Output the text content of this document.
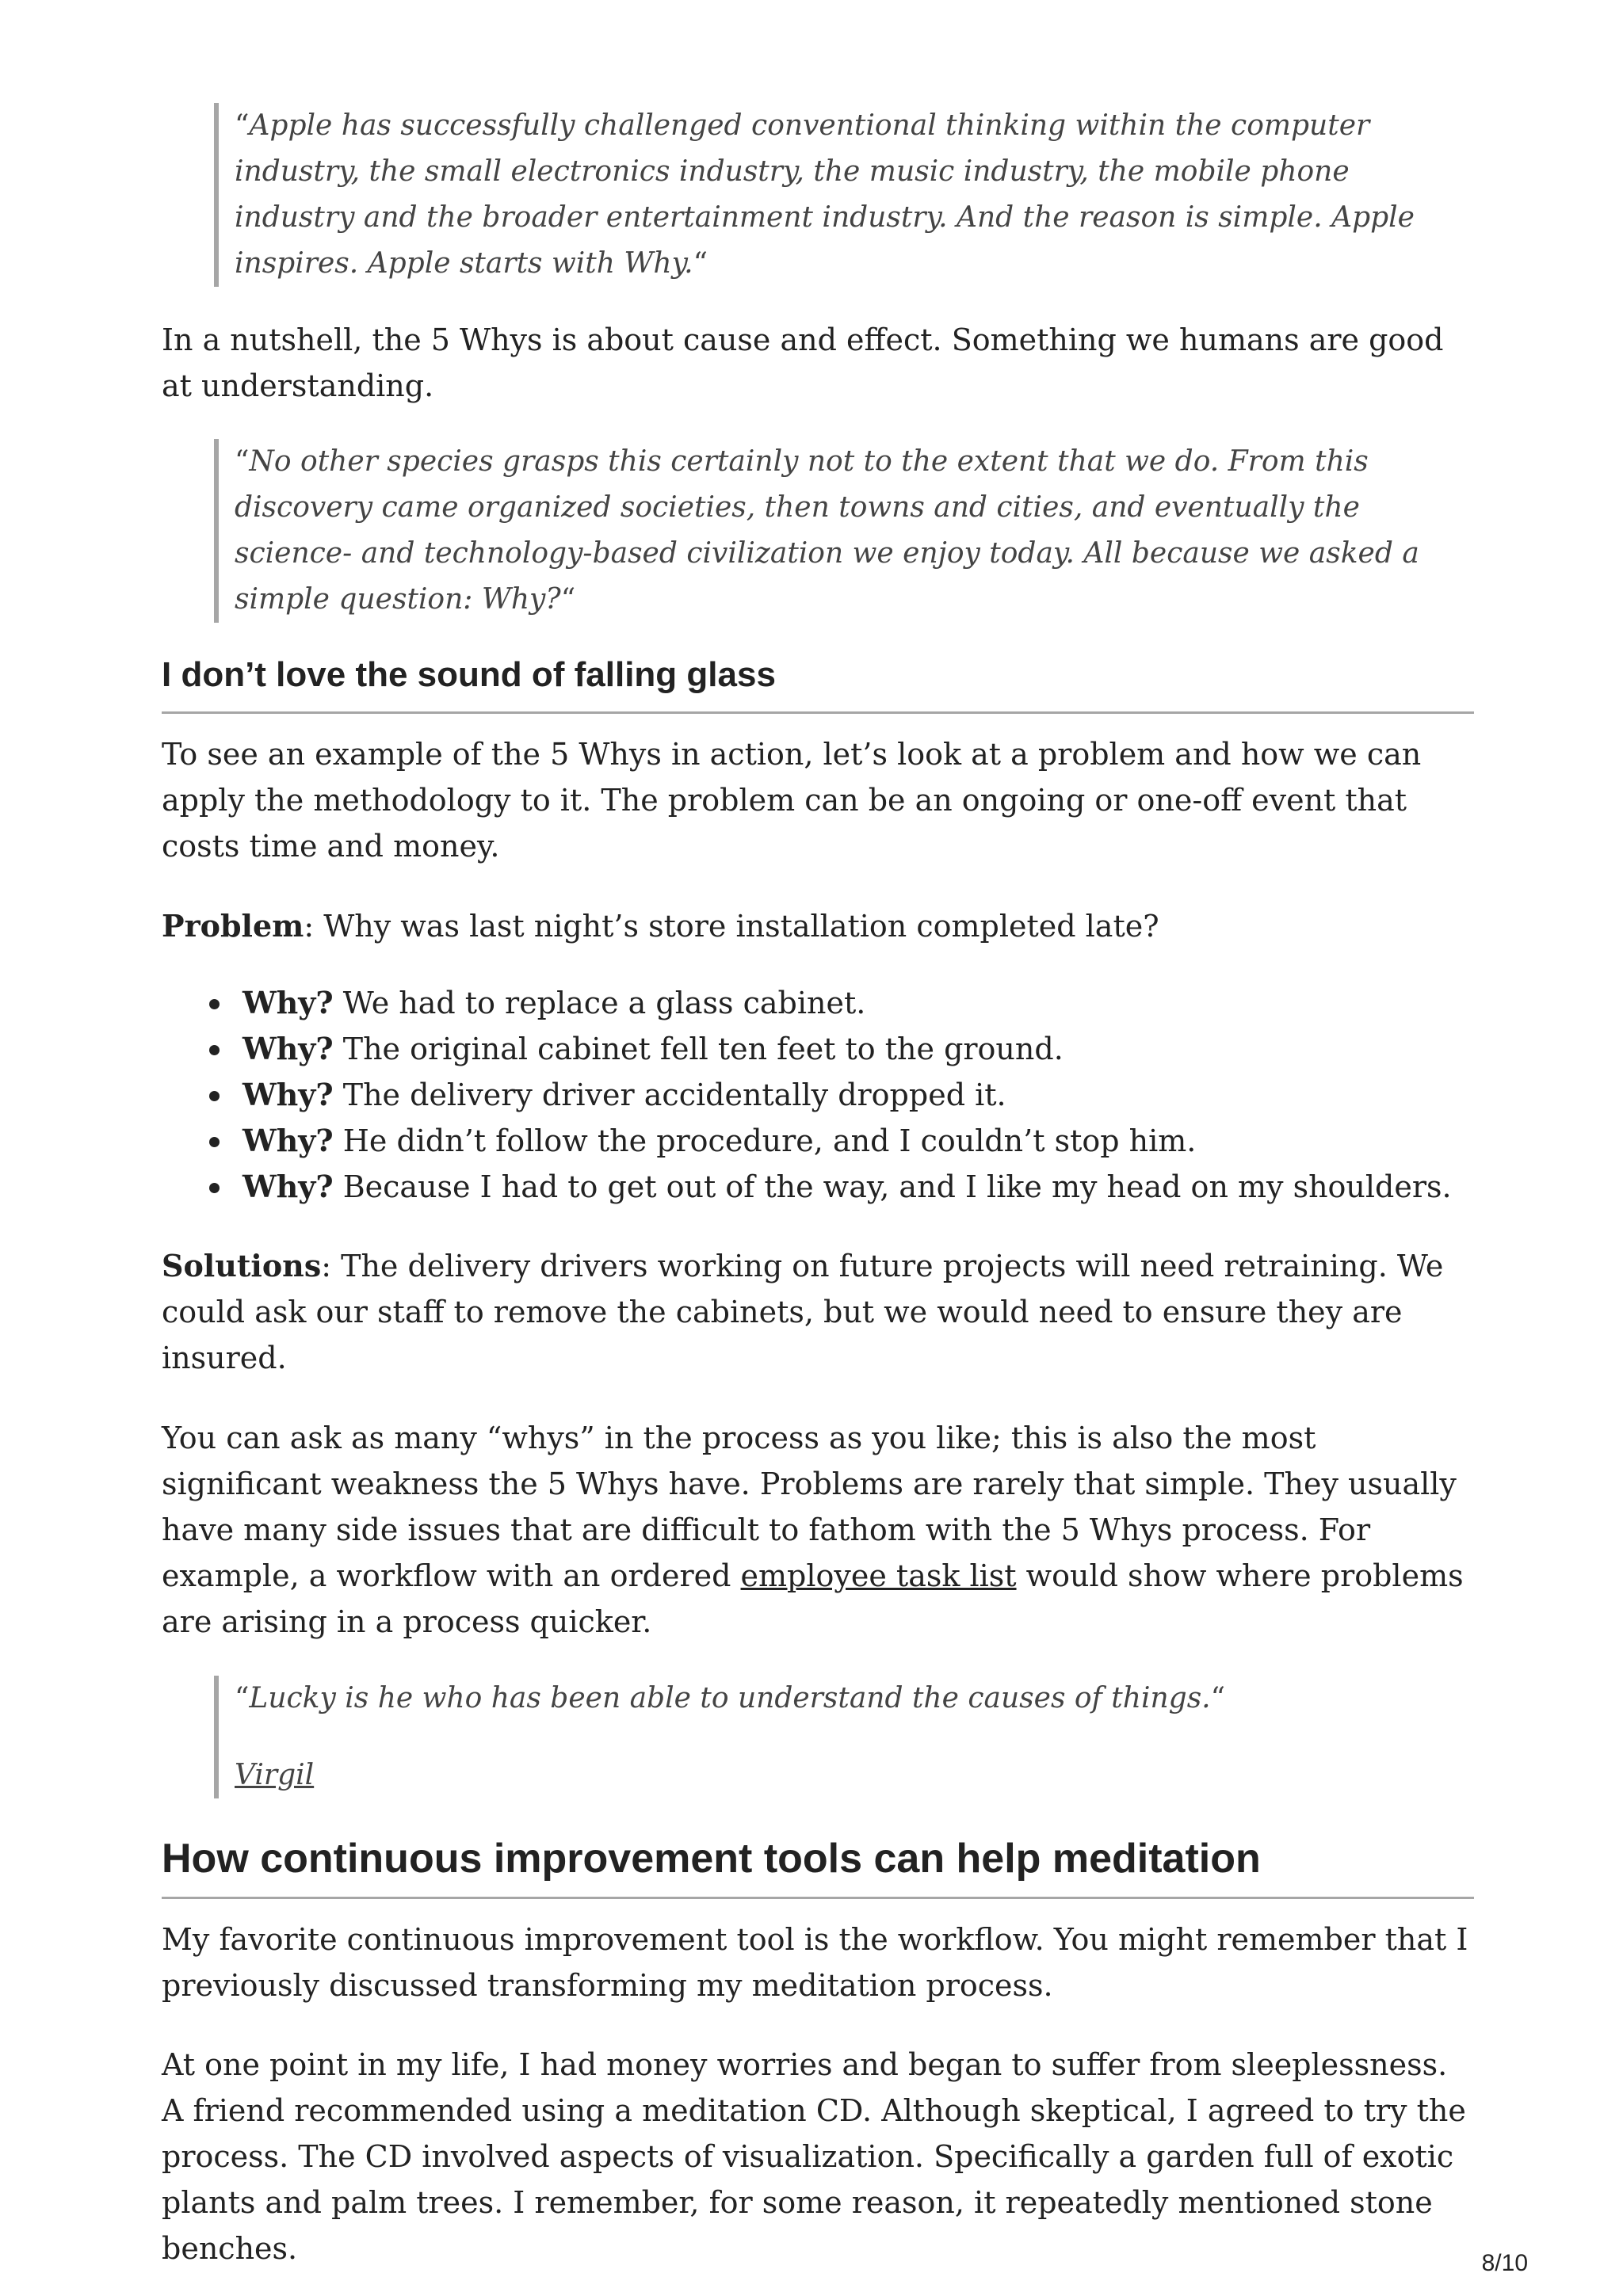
“Apple has successfully challenged conventional thinking within the computer industry, the small electronics industry, the music industry, the mobile phone industry and the broader entertainment industry. And the reason is simple. Apple inspires. Apple starts with Why.“

In a nutshell, the 5 Whys is about cause and effect. Something we humans are good at understanding.

“No other species grasps this certainly not to the extent that we do. From this discovery came organized societies, then towns and cities, and eventually the science- and technology-based civilization we enjoy today. All because we asked a simple question: Why?“

I don’t love the sound of falling glass

To see an example of the 5 Whys in action, let’s look at a problem and how we can apply the methodology to it. The problem can be an ongoing or one-off event that costs time and money.

Problem: Why was last night’s store installation completed late?

Why? We had to replace a glass cabinet.
Why? The original cabinet fell ten feet to the ground.
Why? The delivery driver accidentally dropped it.
Why? He didn’t follow the procedure, and I couldn’t stop him.
Why? Because I had to get out of the way, and I like my head on my shoulders.

Solutions: The delivery drivers working on future projects will need retraining. We could ask our staff to remove the cabinets, but we would need to ensure they are insured.

You can ask as many “whys” in the process as you like; this is also the most significant weakness the 5 Whys have. Problems are rarely that simple. They usually have many side issues that are difficult to fathom with the 5 Whys process. For example, a workflow with an ordered employee task list would show where problems are arising in a process quicker.

“Lucky is he who has been able to understand the causes of things.“

Virgil

How continuous improvement tools can help meditation

My favorite continuous improvement tool is the workflow. You might remember that I previously discussed transforming my meditation process.

At one point in my life, I had money worries and began to suffer from sleeplessness. A friend recommended using a meditation CD. Although skeptical, I agreed to try the process. The CD involved aspects of visualization. Specifically a garden full of exotic plants and palm trees. I remember, for some reason, it repeatedly mentioned stone benches.	8/10
